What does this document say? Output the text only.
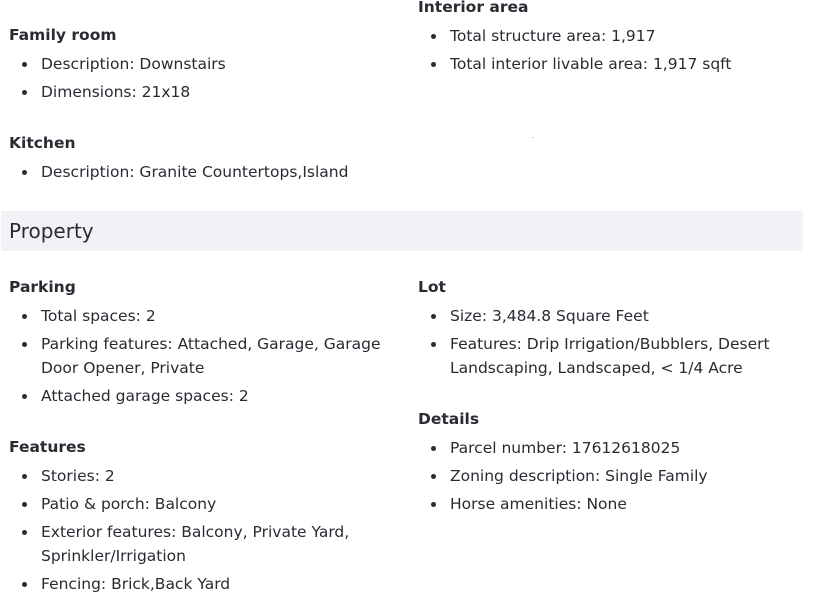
Interior area
Total structure area: 1,917
Total interior livable area: 1,917 sqft
Family room
Description: Downstairs
Dimensions: 21x18
Kitchen
Description: Granite Countertops,Island
Property
Parking
Total spaces: 2
Parking features: Attached, Garage, Garage Door Opener, Private
Attached garage spaces: 2
Features
Stories: 2
Patio & porch: Balcony
Exterior features: Balcony, Private Yard, Sprinkler/Irrigation
Fencing: Brick,Back Yard
Lot
Size: 3,484.8 Square Feet
Features: Drip Irrigation/Bubblers, Desert Landscaping, Landscaped, < 1/4 Acre
Details
Parcel number: 17612618025
Zoning description: Single Family
Horse amenities: None
